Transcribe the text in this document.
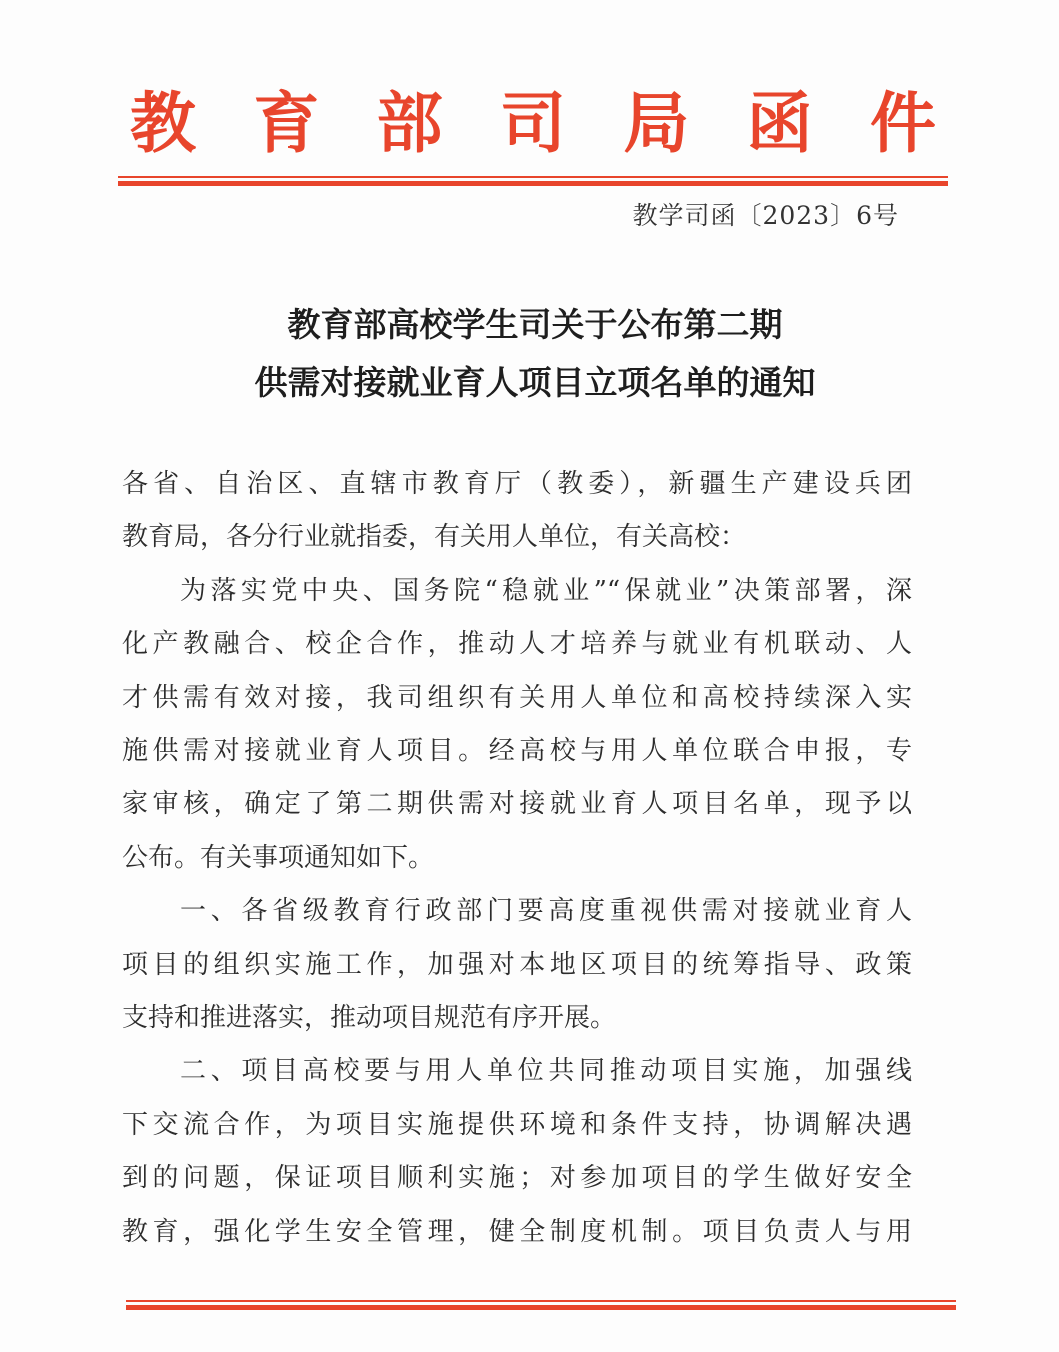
教 育 部 司 局 函 件
教学司函〔2023〕6号
教育部高校学生司关于公布第二期
供需对接就业育人项目立项名单的通知

各省、自治区、直辖市教育厅（教委），新疆生产建设兵团
教育局，各分行业就指委，有关用人单位，有关高校：

为落实党中央、国务院“稳就业”“保就业”决策部署，深
化产教融合、校企合作，推动人才培养与就业有机联动、人
才供需有效对接，我司组织有关用人单位和高校持续深入实
施供需对接就业育人项目。经高校与用人单位联合申报，专
家审核，确定了第二期供需对接就业育人项目名单，现予以
公布。有关事项通知如下。

一、各省级教育行政部门要高度重视供需对接就业育人
项目的组织实施工作，加强对本地区项目的统筹指导、政策
支持和推进落实，推动项目规范有序开展。

二、项目高校要与用人单位共同推动项目实施，加强线
下交流合作，为项目实施提供环境和条件支持，协调解决遇
到的问题，保证项目顺利实施；对参加项目的学生做好安全
教育，强化学生安全管理，健全制度机制。项目负责人与用
